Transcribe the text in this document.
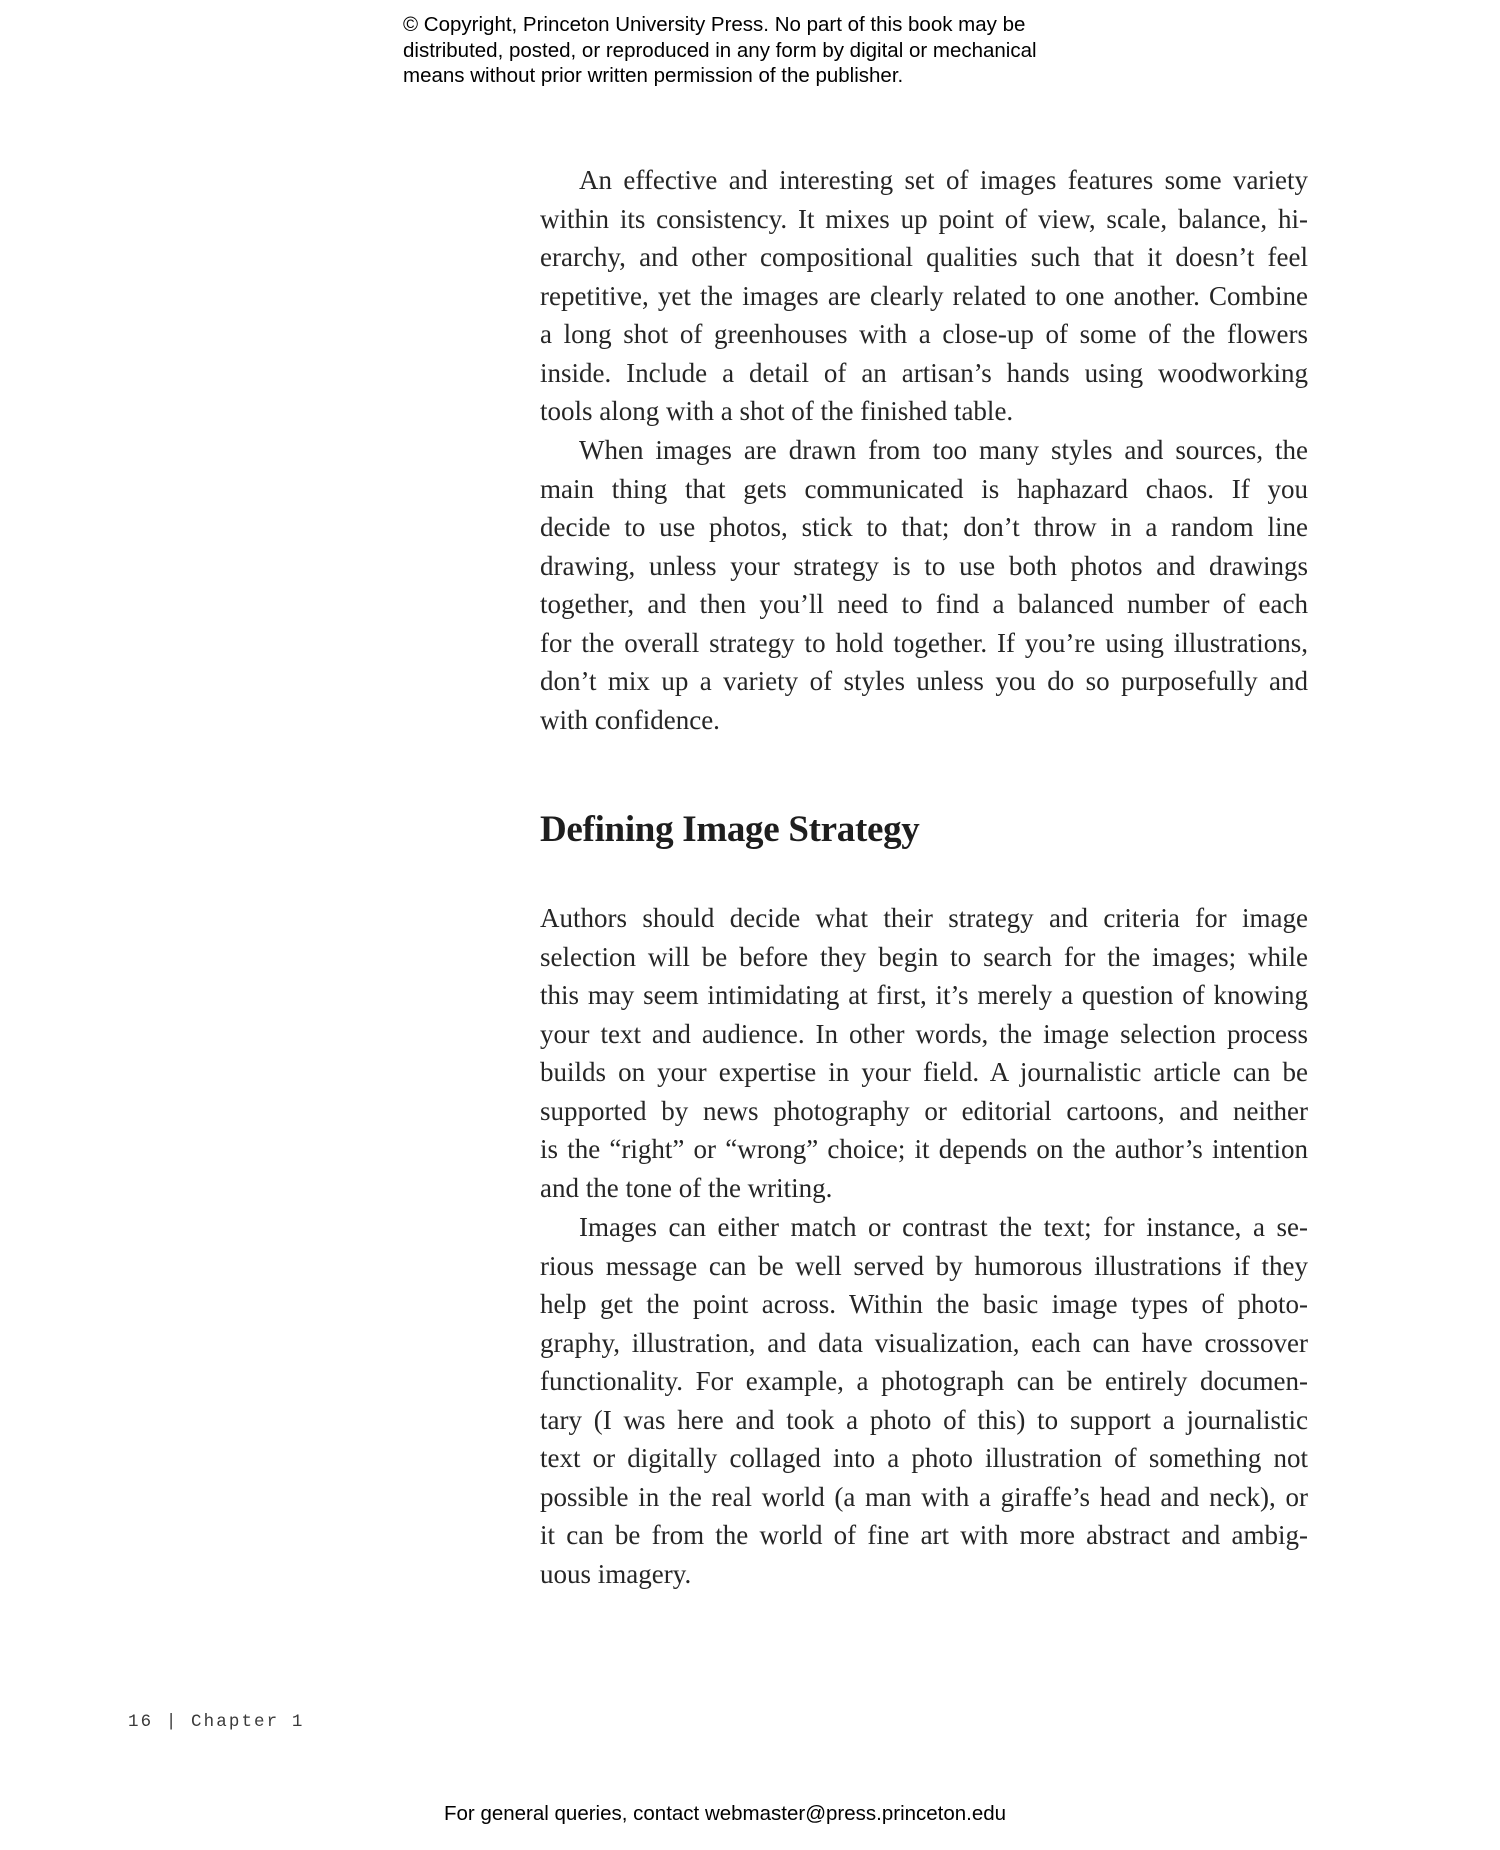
© Copyright, Princeton University Press. No part of this book may be
distributed, posted, or reproduced in any form by digital or mechanical
means without prior written permission of the publisher.
An effective and interesting set of images features some variety
within its consistency. It mixes up point of view, scale, balance, hi-
erarchy, and other compositional qualities such that it doesn’t feel
repetitive, yet the images are clearly related to one another. Combine
a long shot of greenhouses with a close-up of some of the flowers
inside. Include a detail of an artisan’s hands using woodworking
tools along with a shot of the finished table.
When images are drawn from too many styles and sources, the
main thing that gets communicated is haphazard chaos. If you
decide to use photos, stick to that; don’t throw in a random line
drawing, unless your strategy is to use both photos and drawings
together, and then you’ll need to find a balanced number of each
for the overall strategy to hold together. If you’re using illustrations,
don’t mix up a variety of styles unless you do so purposefully and
with confidence.
Defining Image Strategy
Authors should decide what their strategy and criteria for image
selection will be before they begin to search for the images; while
this may seem intimidating at first, it’s merely a question of knowing
your text and audience. In other words, the image selection process
builds on your expertise in your field. A journalistic article can be
supported by news photography or editorial cartoons, and neither
is the “right” or “wrong” choice; it depends on the author’s intention
and the tone of the writing.
Images can either match or contrast the text; for instance, a se-
rious message can be well served by humorous illustrations if they
help get the point across. Within the basic image types of photo-
graphy, illustration, and data visualization, each can have crossover
functionality. For example, a photograph can be entirely documen-
tary (I was here and took a photo of this) to support a journalistic
text or digitally collaged into a photo illustration of something not
possible in the real world (a man with a giraffe’s head and neck), or
it can be from the world of fine art with more abstract and ambig-
uous imagery.
16 | Chapter 1
For general queries, contact webmaster@press.princeton.edu
